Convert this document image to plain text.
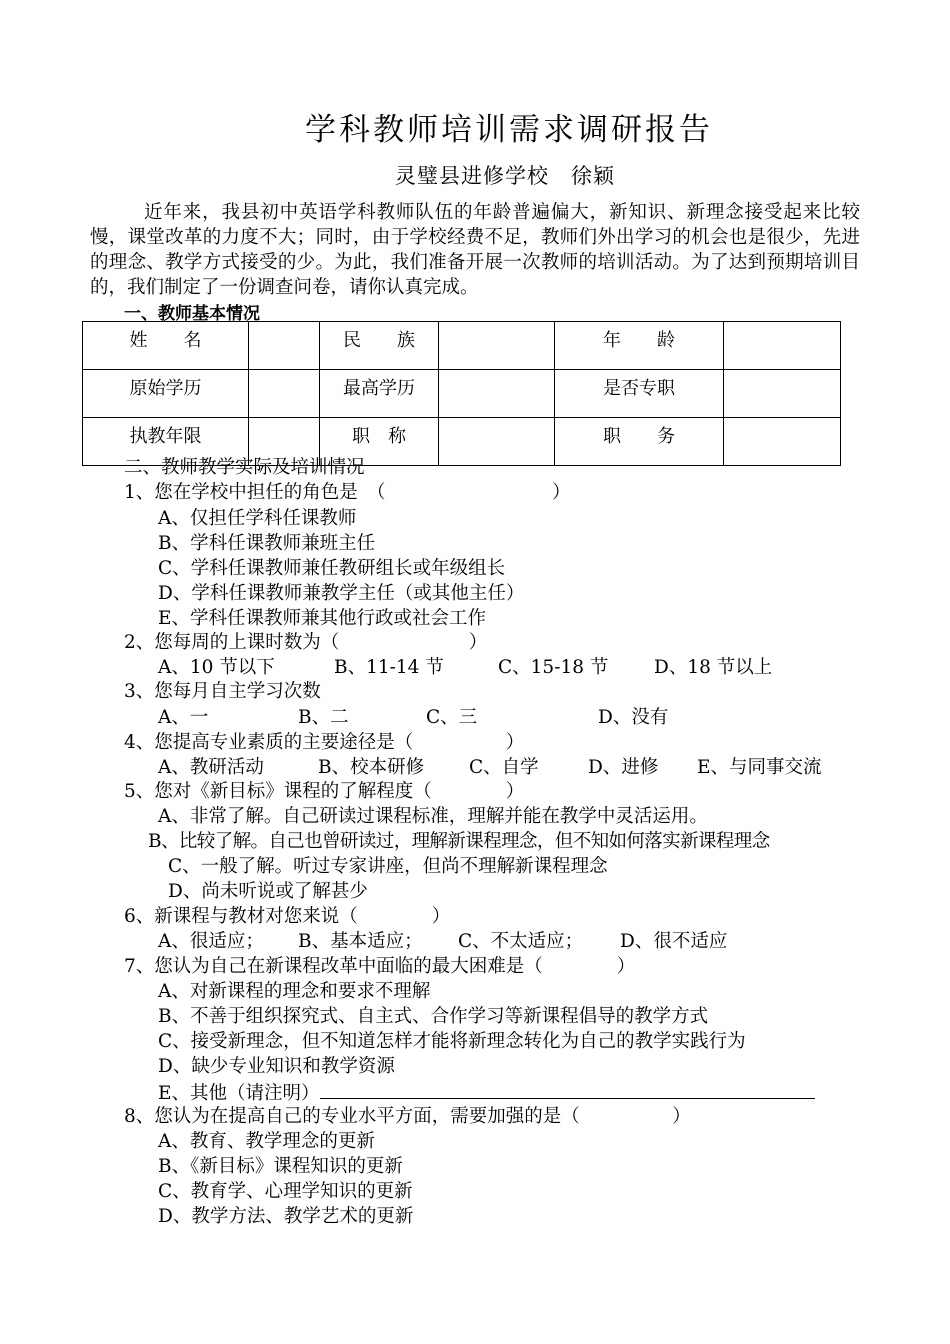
学科教师培训需求调研报告
灵璧县进修学校　徐颖

近年来，我县初中英语学科教师队伍的年龄普遍偏大，新知识、新理念接受起来比较慢，课堂改革的力度不大；同时，由于学校经费不足，教师们外出学习的机会也是很少，先进的理念、教学方式接受的少。为此，我们准备开展一次教师的培训活动。为了达到预期培训目的，我们制定了一份调查问卷，请你认真完成。

一、教师基本情况
姓　　名		民　　族		年　　龄	
原始学历		最高学历		是否专职	
执教年限		职　称		职　　务	
二、教师教学实际及培训情况
1、您在学校中担任的角色是　（　　　　　　　　　）
A、仅担任学科任课教师
B、学科任课教师兼班主任
C、学科任课教师兼任教研组长或年级组长
D、学科任课教师兼教学主任（或其他主任）
E、学科任课教师兼其他行政或社会工作
2、您每周的上课时数为（　　　　　　　）
A、10 节以下	B、11-14 节	C、15-18 节 D、18 节以上
3、您每月自主学习次数
A、一	B、二	C、三	D、没有
4、您提高专业素质的主要途径是（　　　　　）
A、教研活动	B、校本研修 C、自学	D、进修 E、与同事交流
5、您对《新目标》课程的了解程度（　　　　）
A、非常了解。自己研读过课程标准，理解并能在教学中灵活运用。
B、比较了解。自己也曾研读过，理解新课程理念，但不知如何落实新课程理念
C、一般了解。听过专家讲座，但尚不理解新课程理念
D、尚未听说或了解甚少
6、新课程与教材对您来说（　　　　）
A、很适应； B、基本适应； C、不太适应； D、很不适应
7、您认为自己在新课程改革中面临的最大困难是（　　　　）
A、对新课程的理念和要求不理解
B、不善于组织探究式、自主式、合作学习等新课程倡导的教学方式
C、接受新理念，但不知道怎样才能将新理念转化为自己的教学实践行为
D、缺少专业知识和教学资源
E、其他（请注明）
8、您认为在提高自己的专业水平方面，需要加强的是（　　　　　）
A、教育、教学理念的更新
B、《新目标》课程知识的更新
C、教育学、心理学知识的更新
D、教学方法、教学艺术的更新
